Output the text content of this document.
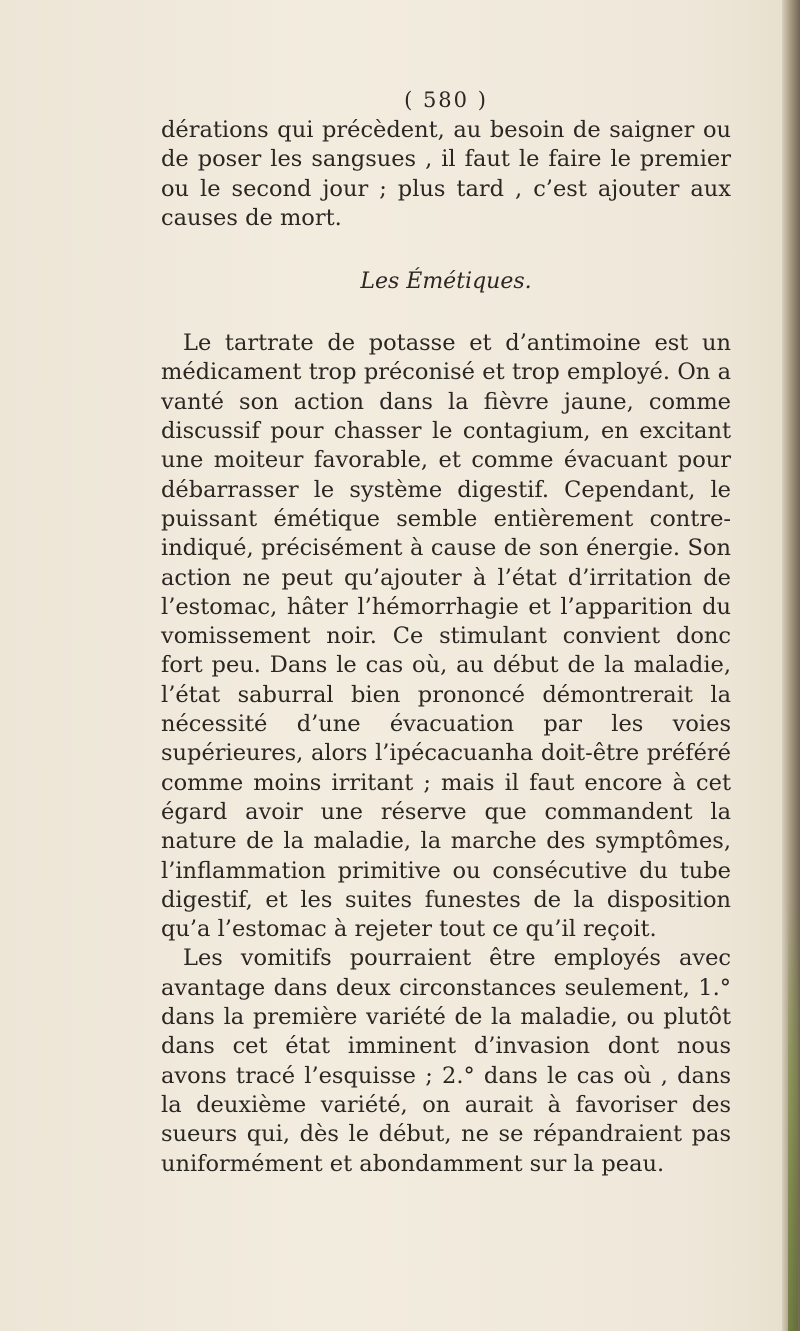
( 580 )

dérations qui précèdent, au besoin de saigner ou de poser les sangsues , il faut le faire le premier ou le second jour ; plus tard , c’est ajouter aux causes de mort.

Les Émétiques.

Le tartrate de potasse et d’antimoine est un médicament trop préconisé et trop employé. On a vanté son action dans la fièvre jaune, comme discussif pour chasser le contagium, en excitant une moiteur favorable, et comme évacuant pour débarrasser le système digestif. Cependant, le puissant émétique semble entièrement contre-indiqué, précisément à cause de son énergie. Son action ne peut qu’ajouter à l’état d’irritation de l’estomac, hâter l’hémorrhagie et l’apparition du vomissement noir. Ce stimulant convient donc fort peu. Dans le cas où, au début de la maladie, l’état saburral bien prononcé démontrerait la nécessité d’une évacuation par les voies supérieures, alors l’ipécacuanha doit-être préféré comme moins irritant ; mais il faut encore à cet égard avoir une réserve que commandent la nature de la maladie, la marche des symptômes, l’inflammation primitive ou consécutive du tube digestif, et les suites funestes de la disposition qu’a l’estomac à rejeter tout ce qu’il reçoit.

Les vomitifs pourraient être employés avec avantage dans deux circonstances seulement, 1.° dans la première variété de la maladie, ou plutôt dans cet état imminent d’invasion dont nous avons tracé l’esquisse ; 2.° dans le cas où , dans la deuxième variété, on aurait à favoriser des sueurs qui, dès le début, ne se répandraient pas uniformément et abondamment sur la peau.
